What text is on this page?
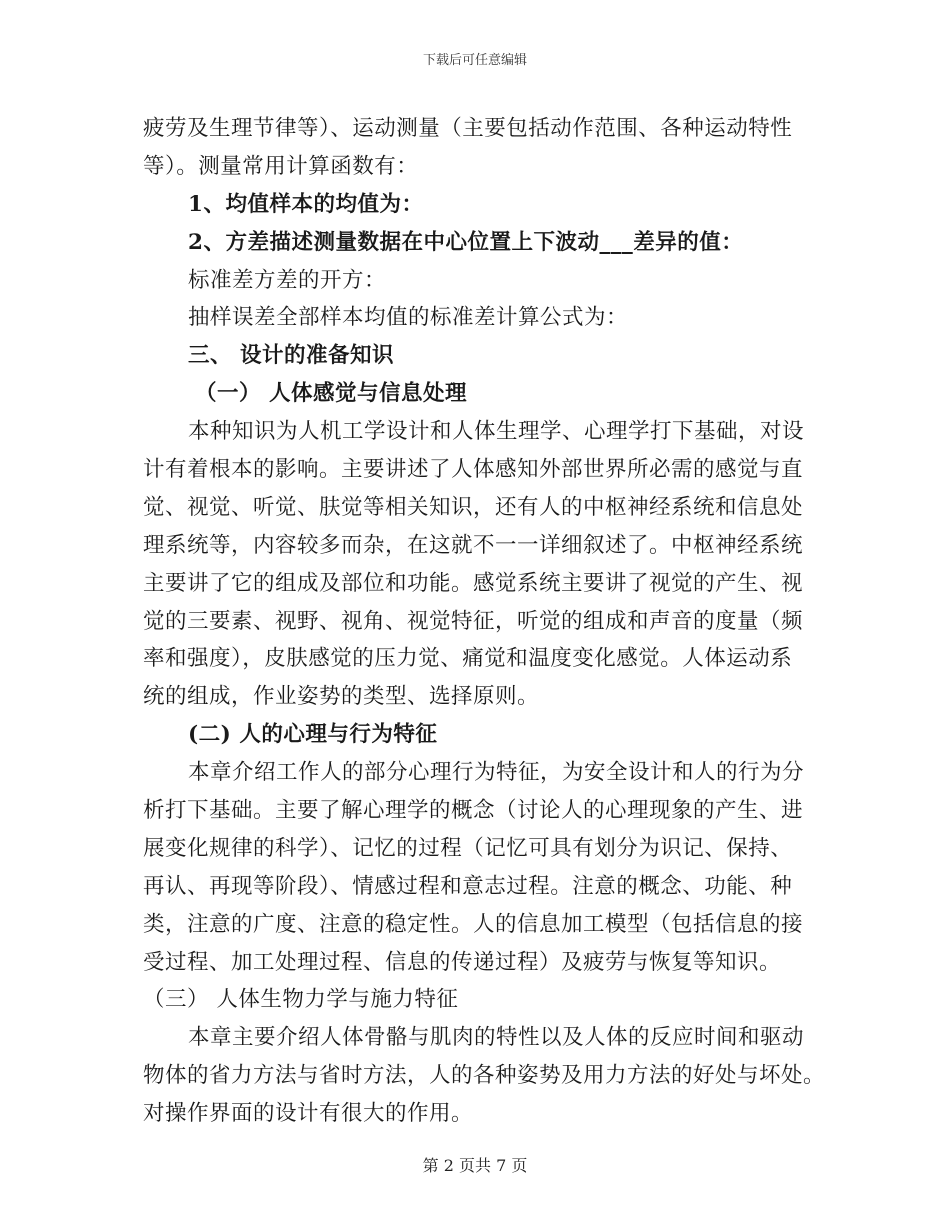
下载后可任意编辑
疲劳及生理节律等）、运动测量（主要包括动作范围、各种运动特性
等）。测量常用计算函数有：
1、均值样本的均值为：
2、方差描述测量数据在中心位置上下波动___差异的值：
标准差方差的开方：
抽样误差全部样本均值的标准差计算公式为：
三、 设计的准备知识
（一） 人体感觉与信息处理
本种知识为人机工学设计和人体生理学、心理学打下基础，对设
计有着根本的影响。主要讲述了人体感知外部世界所必需的感觉与直
觉、视觉、听觉、肤觉等相关知识，还有人的中枢神经系统和信息处
理系统等，内容较多而杂，在这就不一一详细叙述了。中枢神经系统
主要讲了它的组成及部位和功能。感觉系统主要讲了视觉的产生、视
觉的三要素、视野、视角、视觉特征，听觉的组成和声音的度量（频
率和强度），皮肤感觉的压力觉、痛觉和温度变化感觉。人体运动系
统的组成，作业姿势的类型、选择原则。
(二) 人的心理与行为特征
本章介绍工作人的部分心理行为特征，为安全设计和人的行为分
析打下基础。主要了解心理学的概念（讨论人的心理现象的产生、进
展变化规律的科学）、记忆的过程（记忆可具有划分为识记、保持、
再认、再现等阶段）、情感过程和意志过程。注意的概念、功能、种
类，注意的广度、注意的稳定性。人的信息加工模型（包括信息的接
受过程、加工处理过程、信息的传递过程）及疲劳与恢复等知识。
（三） 人体生物力学与施力特征
本章主要介绍人体骨骼与肌肉的特性以及人体的反应时间和驱动
物体的省力方法与省时方法，人的各种姿势及用力方法的好处与坏处。
对操作界面的设计有很大的作用。
第 2 页共 7 页
